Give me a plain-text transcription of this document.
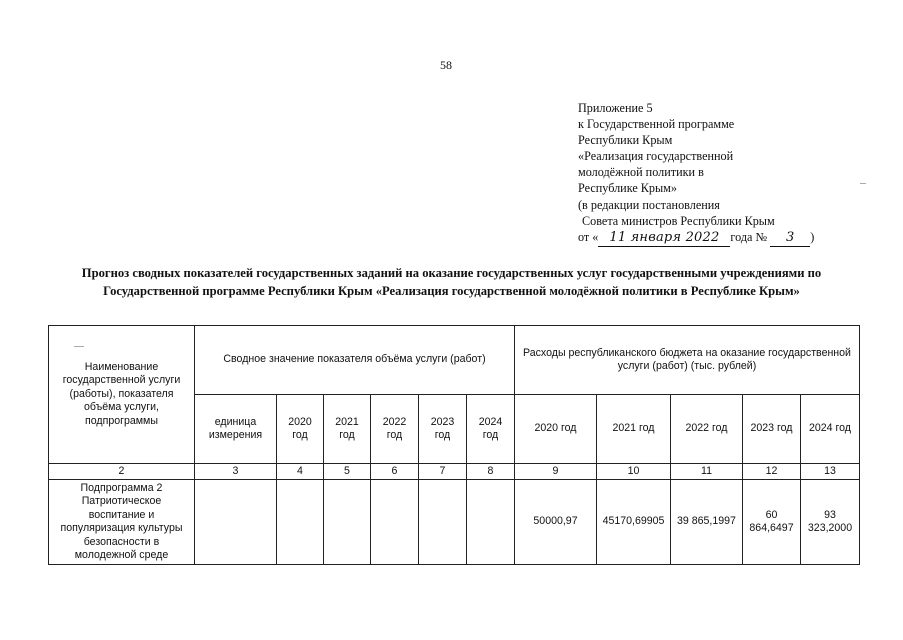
58
Приложение 5
к Государственной программе
Республики Крым
«Реализация государственной
молодёжной политики в
Республике Крым»
(в редакции постановления
Совета министров Республики Крым
от « 11 января 2022 года № 3 )
Прогноз сводных показателей государственных заданий на оказание государственных услуг государственными учреждениями по Государственной программе Республики Крым «Реализация государственной молодёжной политики в Республике Крым»
Наименование государственной услуги (работы), показателя объёма услуги, подпрограммы	Сводное значение показателя объёма услуги (работ)						Расходы республиканского бюджета на оказание государственной услуги (работ) (тыс. рублей)				
	единица измерения	2020 год	2021 год	2022 год	2023 год	2024 год	2020 год	2021 год	2022 год	2023 год	2024 год
2	3	4	5	6	7	8	9	10	11	12	13
Подпрограмма 2 Патриотическое воспитание и популяризация культуры безопасности в молодежной среде							50000,97	45170,69905	39 865,1997	60 864,6497	93 323,2000
